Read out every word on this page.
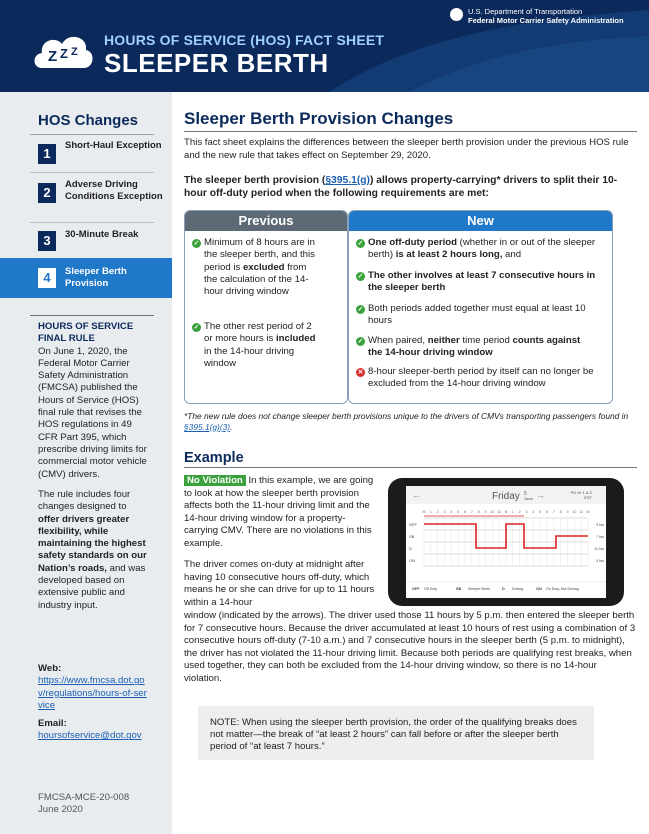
Z Z Z
HOURS OF SERVICE (HOS) FACT SHEET
SLEEPER BERTH
U.S. Department of Transportation
Federal Motor Carrier Safety Administration
HOS Changes
1
Short-Haul Exception
2
Adverse Driving Conditions Exception
3	30-Minute Break
4	Sleeper Berth Provision
HOURS OF SERVICE FINAL RULE
On June 1, 2020, the Federal Motor Carrier Safety Administration (FMCSA) published the Hours of Service (HOS) final rule that revises the HOS regulations in 49 CFR Part 395, which prescribe driving limits for commercial motor vehicle (CMV) drivers.
The rule includes four changes designed to offer drivers greater flexibility, while maintaining the highest safety standards on our Nation’s roads, and was developed based on extensive public and industry input.
Web:
https://www.fmcsa.dot.gov/regulations/hours-of-service
Email:
hoursofservice@dot.gov
FMCSA-MCE-20-008
June 2020
Sleeper Berth Provision Changes
This fact sheet explains the differences between the sleeper berth provision under the previous HOS rule and the new rule that takes effect on September 29, 2020.
The sleeper berth provision (§395.1(g)) allows property-carrying* drivers to split their 10-hour off-duty period when the following requirements are met:
Previous
✓ Minimum of 8 hours are in the sleeper berth, and this period is excluded from the calculation of the 14-hour driving window
✓ The other rest period of 2 or more hours is included in the 14-hour driving window
New
✓ One off-duty period (whether in or out of the sleeper berth) is at least 2 hours long, and
✓ The other involves at least 7 consecutive hours in the sleeper berth
✓ Both periods added together must equal at least 10 hours
✓ When paired, neither time period counts against the 14-hour driving window
✕ 8-hour sleeper-berth period by itself can no longer be excluded from the 14-hour driving window
*The new rule does not change sleeper berth provisions unique to the drivers of CMVs transporting passengers found in §395.1(g)(3).
Example
No Violation In this example, we are going to look at how the sleeper berth provision affects both the 11-hour driving limit and the 14-hour driving window for a property-carrying CMV. There are no violations in this example.
The driver comes on-duty at midnight after having 10 consecutive hours off-duty, which means he or she can drive for up to 11 hours within a 14-hour
window (indicated by the arrows). The driver used those 11 hours by 5 p.m. then entered the sleeper berth for 7 consecutive hours. Because the driver accumulated at least 10 hours of rest using a combination of 3 consecutive hours off-duty (7-10 a.m.) and 7 consecutive hours in the sleeper berth (5 p.m. to midnight), the driver has not violated the 11-hour driving limit. Because both periods are qualifying rest breaks, when used together, they can both be excluded from the 14-hour driving window, so there is no 14-hour violation.
←	Friday 5
June →	PD Hr 1 & 2
EST
M 1 2 3 4 5 6 7 8 9 10 11 N 1 2 3 4 5 6 7 8 9 10 11 M
OFF
SB
D
ON
3 hrs
7 hrs
11 hrs
3 hrs
OFF Off Duty	SB Sleeper Berth	D Driving	ON On Duty, Not Driving
NOTE: When using the sleeper berth provision, the order of the qualifying breaks does not matter—the break of “at least 2 hours” can fall before or after the sleeper berth period of “at least 7 hours.”
